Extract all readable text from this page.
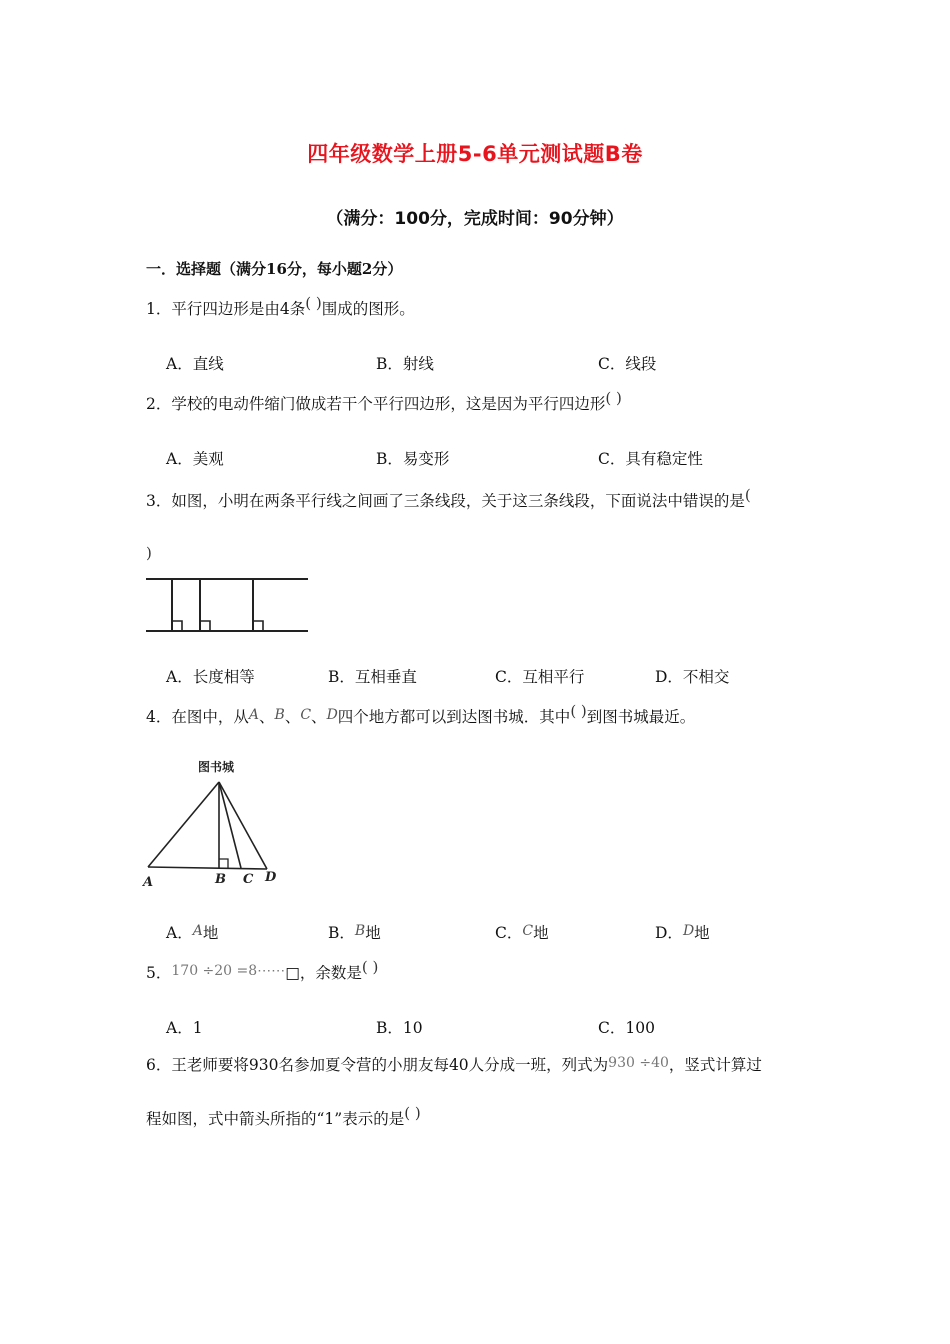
四年级数学上册5-6单元测试题B卷
（满分：100分，完成时间：90分钟）
一．选择题（满分16分，每小题2分）
1．平行四边形是由4条( )围成的图形。
A．直线	B．射线	C．线段
2．学校的电动件缩门做成若干个平行四边形，这是因为平行四边形( )
A．美观	B．易变形	C．具有稳定性
3．如图，小明在两条平行线之间画了三条线段，关于这三条线段，下面说法中错误的是(
)
A．长度相等	B．互相垂直	C．互相平行	D．不相交
4．在图中，从A、B、C、D四个地方都可以到达图书城．其中( )到图书城最近。
图书城
A	B C D
A．A地	B．B地	C．C地	D．D地
5．170 ÷20 =8⋯⋯□，余数是( )
A．1	B．10	C．100
6．王老师要将930名参加夏令营的小朋友每40人分成一班，列式为930 ÷40，竖式计算过
程如图，式中箭头所指的“1”表示的是( )
